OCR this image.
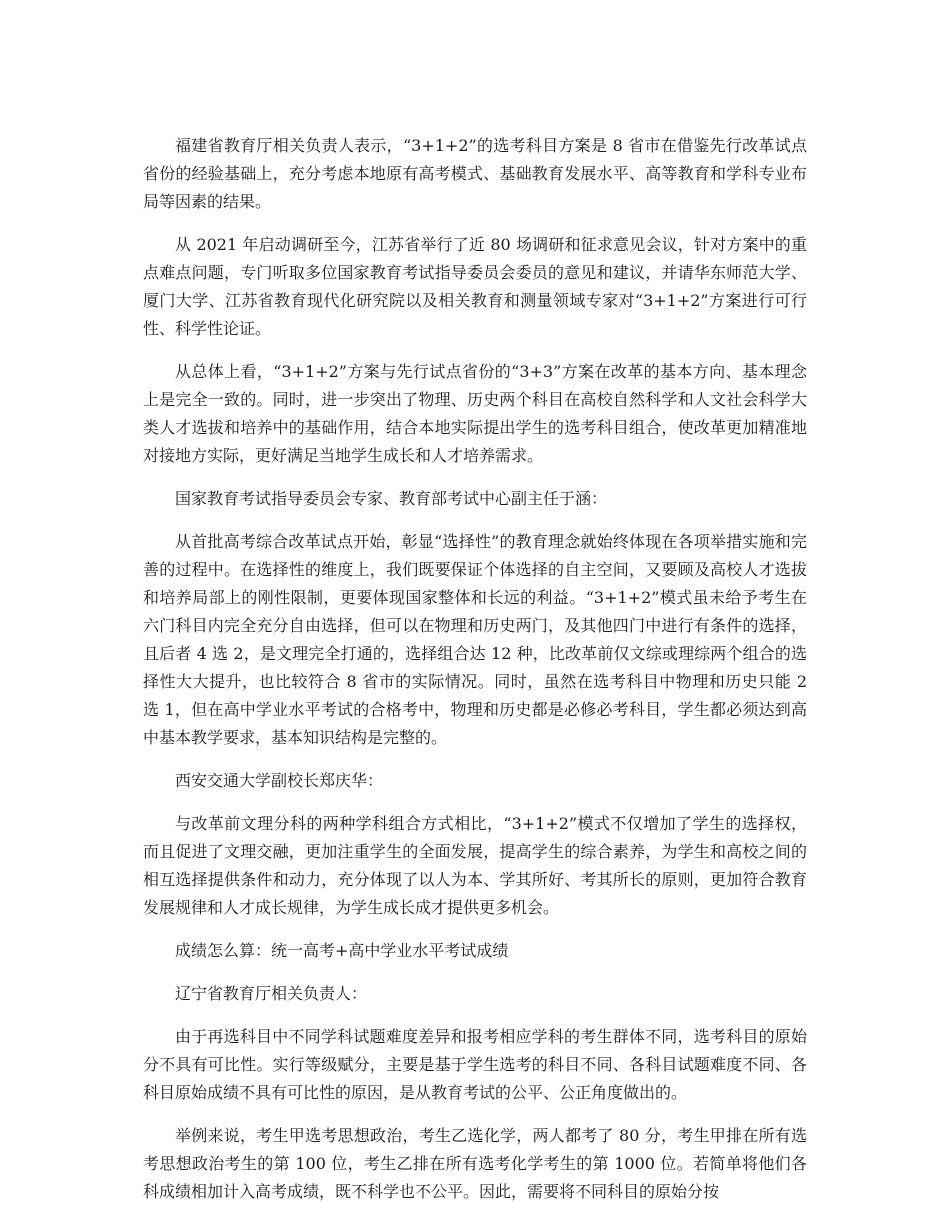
福建省教育厅相关负责人表示，“3+1+2”的选考科目方案是 8 省市在借鉴先行改革试点省份的经验基础上，充分考虑本地原有高考模式、基础教育发展水平、高等教育和学科专业布局等因素的结果。

从 2021 年启动调研至今，江苏省举行了近 80 场调研和征求意见会议，针对方案中的重点难点问题，专门听取多位国家教育考试指导委员会委员的意见和建议，并请华东师范大学、厦门大学、江苏省教育现代化研究院以及相关教育和测量领域专家对“3+1+2”方案进行可行性、科学性论证。

从总体上看，“3+1+2”方案与先行试点省份的“3+3”方案在改革的基本方向、基本理念上是完全一致的。同时，进一步突出了物理、历史两个科目在高校自然科学和人文社会科学大类人才选拔和培养中的基础作用，结合本地实际提出学生的选考科目组合，使改革更加精准地对接地方实际，更好满足当地学生成长和人才培养需求。

国家教育考试指导委员会专家、教育部考试中心副主任于涵：

从首批高考综合改革试点开始，彰显“选择性”的教育理念就始终体现在各项举措实施和完善的过程中。在选择性的维度上，我们既要保证个体选择的自主空间，又要顾及高校人才选拔和培养局部上的刚性限制，更要体现国家整体和长远的利益。“3+1+2”模式虽未给予考生在六门科目内完全充分自由选择，但可以在物理和历史两门，及其他四门中进行有条件的选择，且后者 4 选 2，是文理完全打通的，选择组合达 12 种，比改革前仅文综或理综两个组合的选择性大大提升，也比较符合 8 省市的实际情况。同时，虽然在选考科目中物理和历史只能 2 选 1，但在高中学业水平考试的合格考中，物理和历史都是必修必考科目，学生都必须达到高中基本教学要求，基本知识结构是完整的。

西安交通大学副校长郑庆华：

与改革前文理分科的两种学科组合方式相比，“3+1+2”模式不仅增加了学生的选择权，而且促进了文理交融，更加注重学生的全面发展，提高学生的综合素养，为学生和高校之间的相互选择提供条件和动力，充分体现了以人为本、学其所好、考其所长的原则，更加符合教育发展规律和人才成长规律，为学生成长成才提供更多机会。

成绩怎么算：统一高考+高中学业水平考试成绩

辽宁省教育厅相关负责人：

由于再选科目中不同学科试题难度差异和报考相应学科的考生群体不同，选考科目的原始分不具有可比性。实行等级赋分，主要是基于学生选考的科目不同、各科目试题难度不同、各科目原始成绩不具有可比性的原因，是从教育考试的公平、公正角度做出的。

举例来说，考生甲选考思想政治，考生乙选化学，两人都考了 80 分，考生甲排在所有选考思想政治考生的第 100 位，考生乙排在所有选考化学考生的第 1000 位。若简单将他们各科成绩相加计入高考成绩，既不科学也不公平。因此，需要将不同科目的原始分按
